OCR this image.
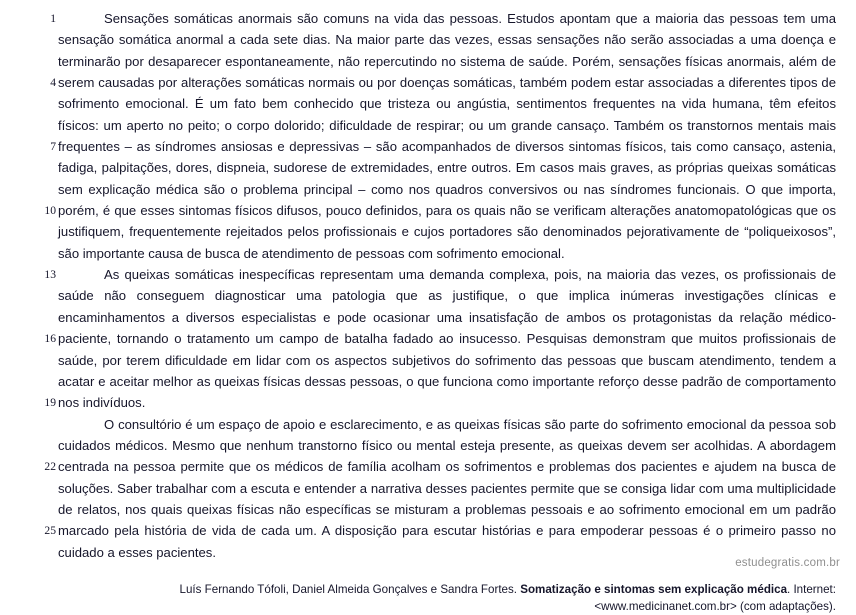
1
4
7
10
13
16
19
22
25

Sensações somáticas anormais são comuns na vida das pessoas. Estudos apontam que a maioria das pessoas tem uma sensação somática anormal a cada sete dias. Na maior parte das vezes, essas sensações não serão associadas a uma doença e terminarão por desaparecer espontaneamente, não repercutindo no sistema de saúde. Porém, sensações físicas anormais, além de serem causadas por alterações somáticas normais ou por doenças somáticas, também podem estar associadas a diferentes tipos de sofrimento emocional. É um fato bem conhecido que tristeza ou angústia, sentimentos frequentes na vida humana, têm efeitos físicos: um aperto no peito; o corpo dolorido; dificuldade de respirar; ou um grande cansaço. Também os transtornos mentais mais frequentes – as síndromes ansiosas e depressivas – são acompanhados de diversos sintomas físicos, tais como cansaço, astenia, fadiga, palpitações, dores, dispneia, sudorese de extremidades, entre outros. Em casos mais graves, as próprias queixas somáticas sem explicação médica são o problema principal – como nos quadros conversivos ou nas síndromes funcionais. O que importa, porém, é que esses sintomas físicos difusos, pouco definidos, para os quais não se verificam alterações anatomopatológicas que os justifiquem, frequentemente rejeitados pelos profissionais e cujos portadores são denominados pejorativamente de “poliqueixosos”, são importante causa de busca de atendimento de pessoas com sofrimento emocional.

As queixas somáticas inespecíficas representam uma demanda complexa, pois, na maioria das vezes, os profissionais de saúde não conseguem diagnosticar uma patologia que as justifique, o que implica inúmeras investigações clínicas e encaminhamentos a diversos especialistas e pode ocasionar uma insatisfação de ambos os protagonistas da relação médico-paciente, tornando o tratamento um campo de batalha fadado ao insucesso. Pesquisas demonstram que muitos profissionais de saúde, por terem dificuldade em lidar com os aspectos subjetivos do sofrimento das pessoas que buscam atendimento, tendem a acatar e aceitar melhor as queixas físicas dessas pessoas, o que funciona como importante reforço desse padrão de comportamento nos indivíduos.

O consultório é um espaço de apoio e esclarecimento, e as queixas físicas são parte do sofrimento emocional da pessoa sob cuidados médicos. Mesmo que nenhum transtorno físico ou mental esteja presente, as queixas devem ser acolhidas. A abordagem centrada na pessoa permite que os médicos de família acolham os sofrimentos e problemas dos pacientes e ajudem na busca de soluções. Saber trabalhar com a escuta e entender a narrativa desses pacientes permite que se consiga lidar com uma multiplicidade de relatos, nos quais queixas físicas não específicas se misturam a problemas pessoais e ao sofrimento emocional em um padrão marcado pela história de vida de cada um. A disposição para escutar histórias e para empoderar pessoas é o primeiro passo no cuidado a esses pacientes.

Luís Fernando Tófoli, Daniel Almeida Gonçalves e Sandra Fortes. Somatização e sintomas sem explicação médica. Internet: <www.medicinanet.com.br> (com adaptações).
estudegratis.com.br
